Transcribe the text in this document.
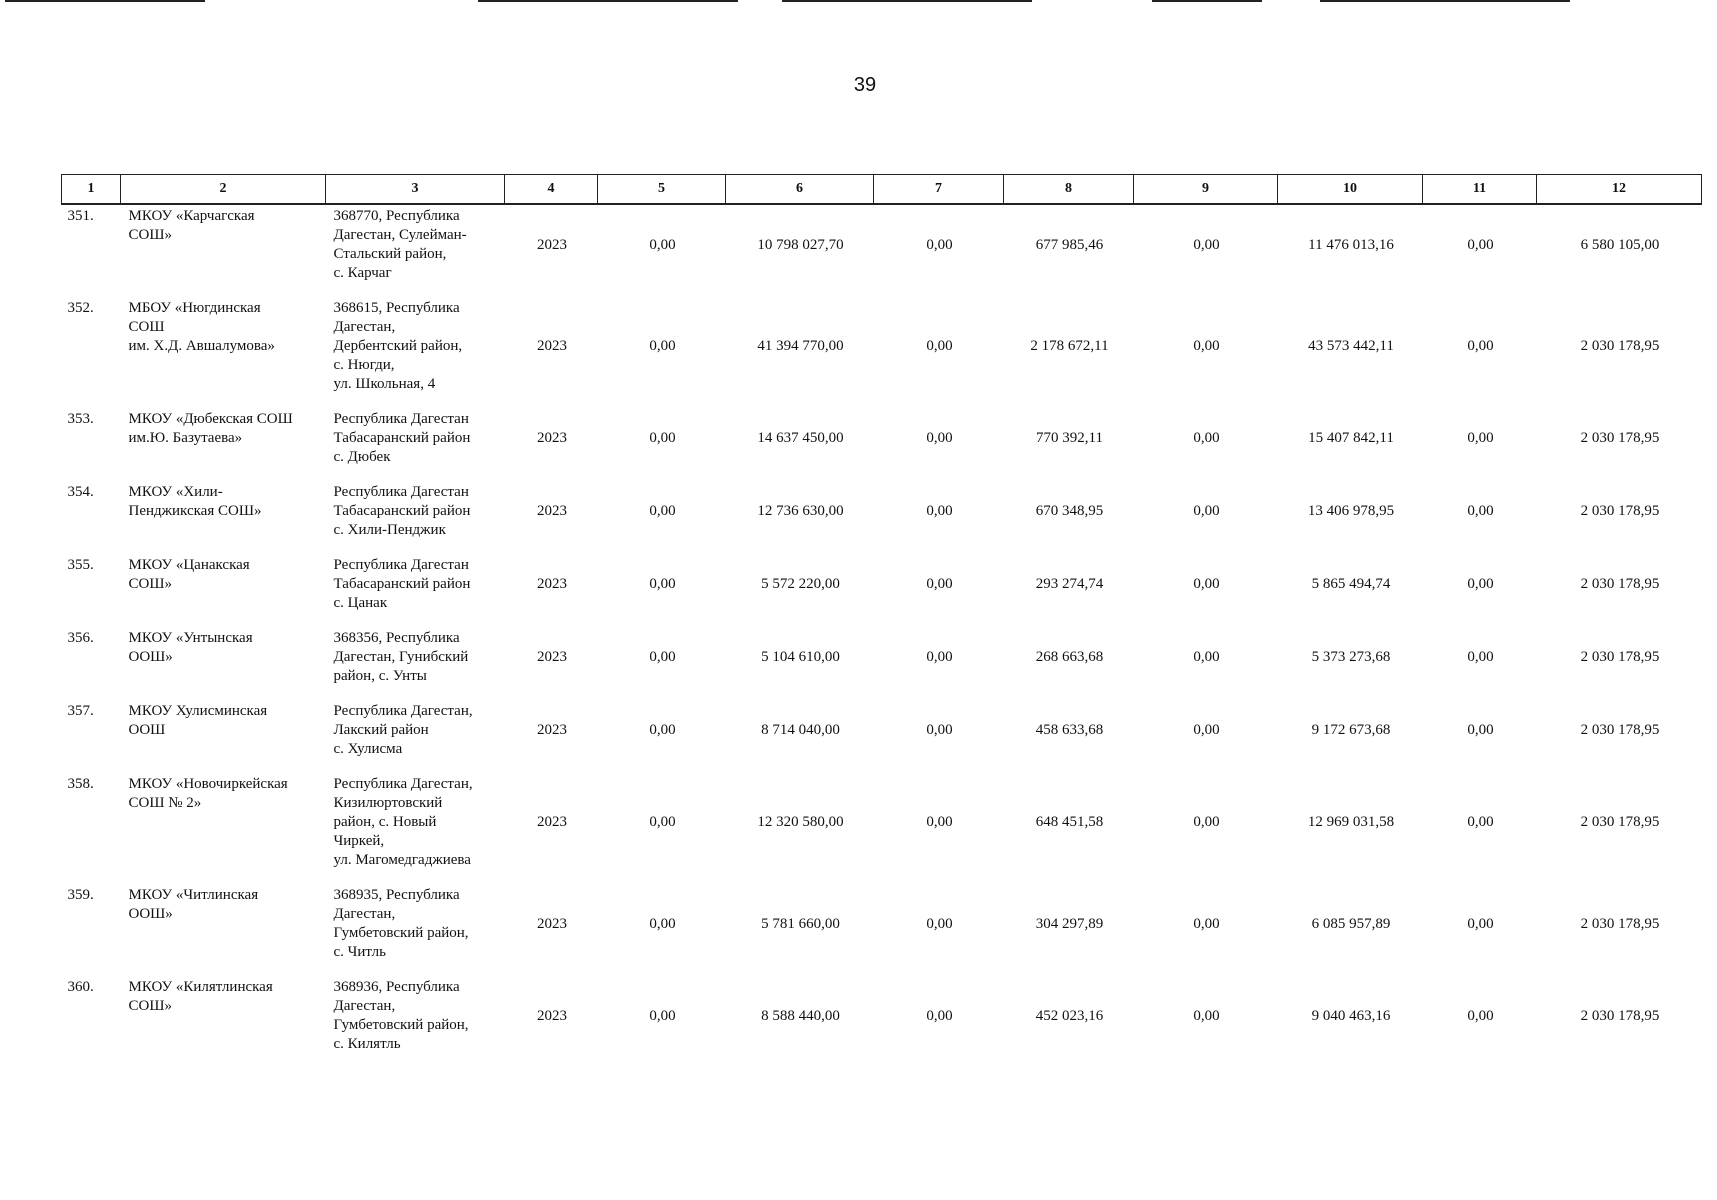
39
1	2	3	4	5	6	7	8	9	10	11	12
351.	МКОУ «Карчагская
СОШ»	368770, Республика
Дагестан, Сулейман-
Стальский район,
с. Карчаг	2023	0,00	10 798 027,70	0,00	677 985,46	0,00	11 476 013,16	0,00	6 580 105,00
352.	МБОУ «Нюгдинская
СОШ
им. Х.Д. Авшалумова»	368615, Республика
Дагестан,
Дербентский район,
с. Нюгди,
ул. Школьная, 4	2023	0,00	41 394 770,00	0,00	2 178 672,11	0,00	43 573 442,11	0,00	2 030 178,95
353.	МКОУ «Дюбекская СОШ
им.Ю. Базутаева»	Республика Дагестан
Табасаранский район
с. Дюбек	2023	0,00	14 637 450,00	0,00	770 392,11	0,00	15 407 842,11	0,00	2 030 178,95
354.	МКОУ «Хили-
Пенджикская СОШ»	Республика Дагестан
Табасаранский район
с. Хили-Пенджик	2023	0,00	12 736 630,00	0,00	670 348,95	0,00	13 406 978,95	0,00	2 030 178,95
355.	МКОУ «Цанакская
СОШ»	Республика Дагестан
Табасаранский район
с. Цанак	2023	0,00	5 572 220,00	0,00	293 274,74	0,00	5 865 494,74	0,00	2 030 178,95
356.	МКОУ «Унтынская
ООШ»	368356, Республика
Дагестан, Гунибский
район, с. Унты	2023	0,00	5 104 610,00	0,00	268 663,68	0,00	5 373 273,68	0,00	2 030 178,95
357.	МКОУ Хулисминская
ООШ	Республика Дагестан,
Лакский район
с. Хулисма	2023	0,00	8 714 040,00	0,00	458 633,68	0,00	9 172 673,68	0,00	2 030 178,95
358.	МКОУ «Новочиркейская
СОШ № 2»	Республика Дагестан,
Кизилюртовский
район, с. Новый
Чиркей,
ул. Магомедгаджиева	2023	0,00	12 320 580,00	0,00	648 451,58	0,00	12 969 031,58	0,00	2 030 178,95
359.	МКОУ «Читлинская
ООШ»	368935, Республика
Дагестан,
Гумбетовский район,
с. Читль	2023	0,00	5 781 660,00	0,00	304 297,89	0,00	6 085 957,89	0,00	2 030 178,95
360.	МКОУ «Килятлинская
СОШ»	368936, Республика
Дагестан,
Гумбетовский район,
с. Килятль	2023	0,00	8 588 440,00	0,00	452 023,16	0,00	9 040 463,16	0,00	2 030 178,95
